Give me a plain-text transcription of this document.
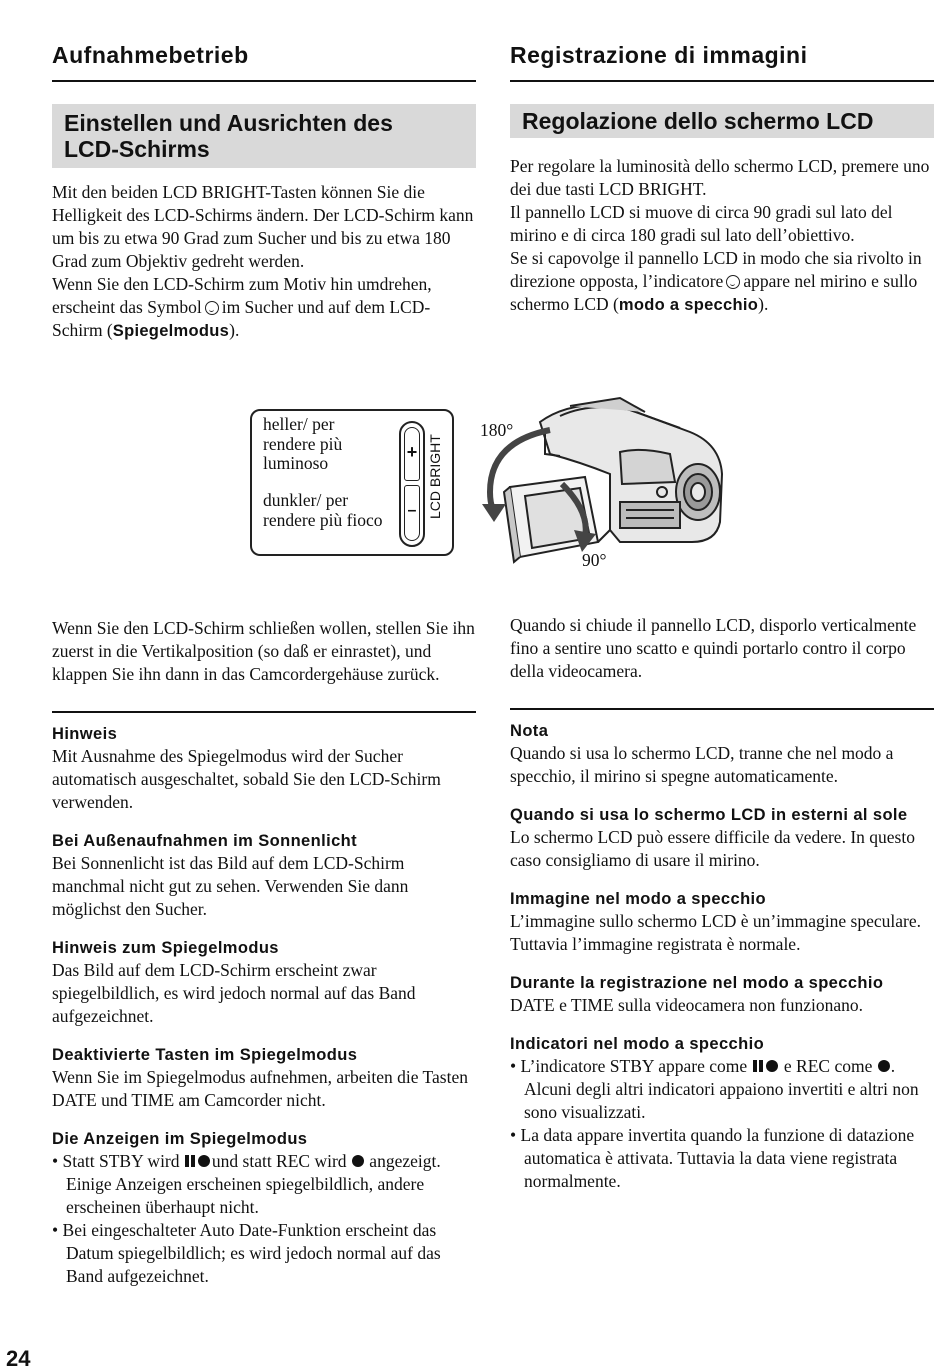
Aufnahmebetrieb
Einstellen und Ausrichten des
LCD-Schirms
Registrazione di immagini
Regolazione dello schermo LCD

Mit den beiden LCD BRIGHT-Tasten können Sie die Helligkeit des LCD-Schirms ändern. Der LCD-Schirm kann um bis zu etwa 90 Grad zum Sucher und bis zu etwa 180 Grad zum Objektiv gedreht werden.

Wenn Sie den LCD-Schirm zum Motiv hin umdrehen, erscheint das Symbol im Sucher und auf dem LCD-Schirm (Spiegelmodus).

Per regolare la luminosità dello schermo LCD, premere uno dei due tasti LCD BRIGHT.

Il pannello LCD si muove di circa 90 gradi sul lato del mirino e di circa 180 gradi sul lato dell’obiettivo.

Se si capovolge il pannello LCD in modo che sia rivolto in direzione opposta, l’indicatore appare nel mirino e sullo schermo LCD (modo a specchio).

heller/ per rendere più luminoso
dunkler/ per rendere più fioco
+
– LCD BRIGHT
180°
90°

Wenn Sie den LCD-Schirm schließen wollen, stellen Sie ihn zuerst in die Vertikalposition (so daß er einrastet), und klappen Sie ihn dann in das Camcordergehäuse zurück.

Hinweis

Mit Ausnahme des Spiegelmodus wird der Sucher automatisch ausgeschaltet, sobald Sie den LCD-Schirm verwenden.

Bei Außenaufnahmen im Sonnenlicht

Bei Sonnenlicht ist das Bild auf dem LCD-Schirm manchmal nicht gut zu sehen. Verwenden Sie dann möglichst den Sucher.

Hinweis zum Spiegelmodus

Das Bild auf dem LCD-Schirm erscheint zwar spiegelbildlich, es wird jedoch normal auf das Band aufgezeichnet.

Deaktivierte Tasten im Spiegelmodus

Wenn Sie im Spiegelmodus aufnehmen, arbeiten die Tasten DATE und TIME am Camcorder nicht.

Die Anzeigen im Spiegelmodus

• Statt STBY wird und statt REC wird angezeigt. Einige Anzeigen erscheinen spiegelbildlich, andere erscheinen überhaupt nicht.
• Bei eingeschalteter Auto Date-Funktion erscheint das Datum spiegelbildlich; es wird jedoch normal auf das Band aufgezeichnet.

Quando si chiude il pannello LCD, disporlo verticalmente fino a sentire uno scatto e quindi portarlo contro il corpo della videocamera.

Nota

Quando si usa lo schermo LCD, tranne che nel modo a specchio, il mirino si spegne automaticamente.

Quando si usa lo schermo LCD in esterni al sole

Lo schermo LCD può essere difficile da vedere. In questo caso consigliamo di usare il mirino.

Immagine nel modo a specchio

L’immagine sullo schermo LCD è un’immagine speculare. Tuttavia l’immagine registrata è normale.

Durante la registrazione nel modo a specchio

DATE e TIME sulla videocamera non funzionano.

Indicatori nel modo a specchio

• L’indicatore STBY appare come e REC come . Alcuni degli altri indicatori appaiono invertiti e altri non sono visualizzati.
• La data appare invertita quando la funzione di datazione automatica è attivata. Tuttavia la data viene registrata normalmente.
24
